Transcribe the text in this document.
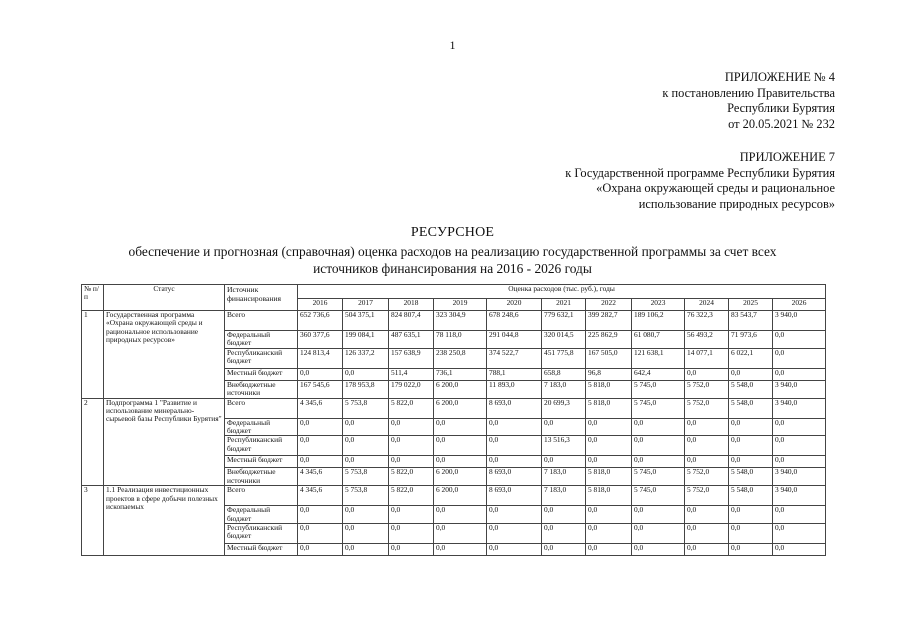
1
ПРИЛОЖЕНИЕ № 4
к постановлению Правительства
Республики Бурятия
от 20.05.2021 № 232
ПРИЛОЖЕНИЕ 7
к Государственной программе Республики Бурятия
«Охрана окружающей среды и рациональное
использование природных ресурсов»
РЕСУРСНОЕ
обеспечение и прогнозная (справочная) оценка расходов на реализацию государственной программы за счет всех
источников финансирования на 2016 - 2026 годы
№ п/п	Статус	Источник финансирования	Оценка расходов (тыс. руб.), годы										
			2016	2017	2018	2019	2020	2021	2022	2023	2024	2025	2026
1	Государственная программа «Охрана окружающей среды и рациональное использование природных ресурсов»	Всего	652 736,6	504 375,1	824 807,4	323 304,9	678 248,6	779 632,1	399 282,7	189 106,2	76 322,3	83 543,7	3 940,0
		Федеральный бюджет	360 377,6	199 084,1	487 635,1	78 118,0	291 044,8	320 014,5	225 862,9	61 080,7	56 493,2	71 973,6	0,0
		Республиканский бюджет	124 813,4	126 337,2	157 638,9	238 250,8	374 522,7	451 775,8	167 505,0	121 638,1	14 077,1	6 022,1	0,0
		Местный бюджет	0,0	0,0	511,4	736,1	788,1	658,8	96,8	642,4	0,0	0,0	0,0
		Внебюджетные источники	167 545,6	178 953,8	179 022,0	6 200,0	11 893,0	7 183,0	5 818,0	5 745,0	5 752,0	5 548,0	3 940,0
2	Подпрограмма 1 "Развитие и использование минерально-сырьевой базы Республики Бурятия"	Всего	4 345,6	5 753,8	5 822,0	6 200,0	8 693,0	20 699,3	5 818,0	5 745,0	5 752,0	5 548,0	3 940,0
		Федеральный бюджет	0,0	0,0	0,0	0,0	0,0	0,0	0,0	0,0	0,0	0,0	0,0
		Республиканский бюджет	0,0	0,0	0,0	0,0	0,0	13 516,3	0,0	0,0	0,0	0,0	0,0
		Местный бюджет	0,0	0,0	0,0	0,0	0,0	0,0	0,0	0,0	0,0	0,0	0,0
		Внебюджетные источники	4 345,6	5 753,8	5 822,0	6 200,0	8 693,0	7 183,0	5 818,0	5 745,0	5 752,0	5 548,0	3 940,0
3	1.1 Реализация инвестиционных проектов в сфере добычи полезных ископаемых	Всего	4 345,6	5 753,8	5 822,0	6 200,0	8 693,0	7 183,0	5 818,0	5 745,0	5 752,0	5 548,0	3 940,0
		Федеральный бюджет	0,0	0,0	0,0	0,0	0,0	0,0	0,0	0,0	0,0	0,0	0,0
		Республиканский бюджет	0,0	0,0	0,0	0,0	0,0	0,0	0,0	0,0	0,0	0,0	0,0
		Местный бюджет	0,0	0,0	0,0	0,0	0,0	0,0	0,0	0,0	0,0	0,0	0,0
